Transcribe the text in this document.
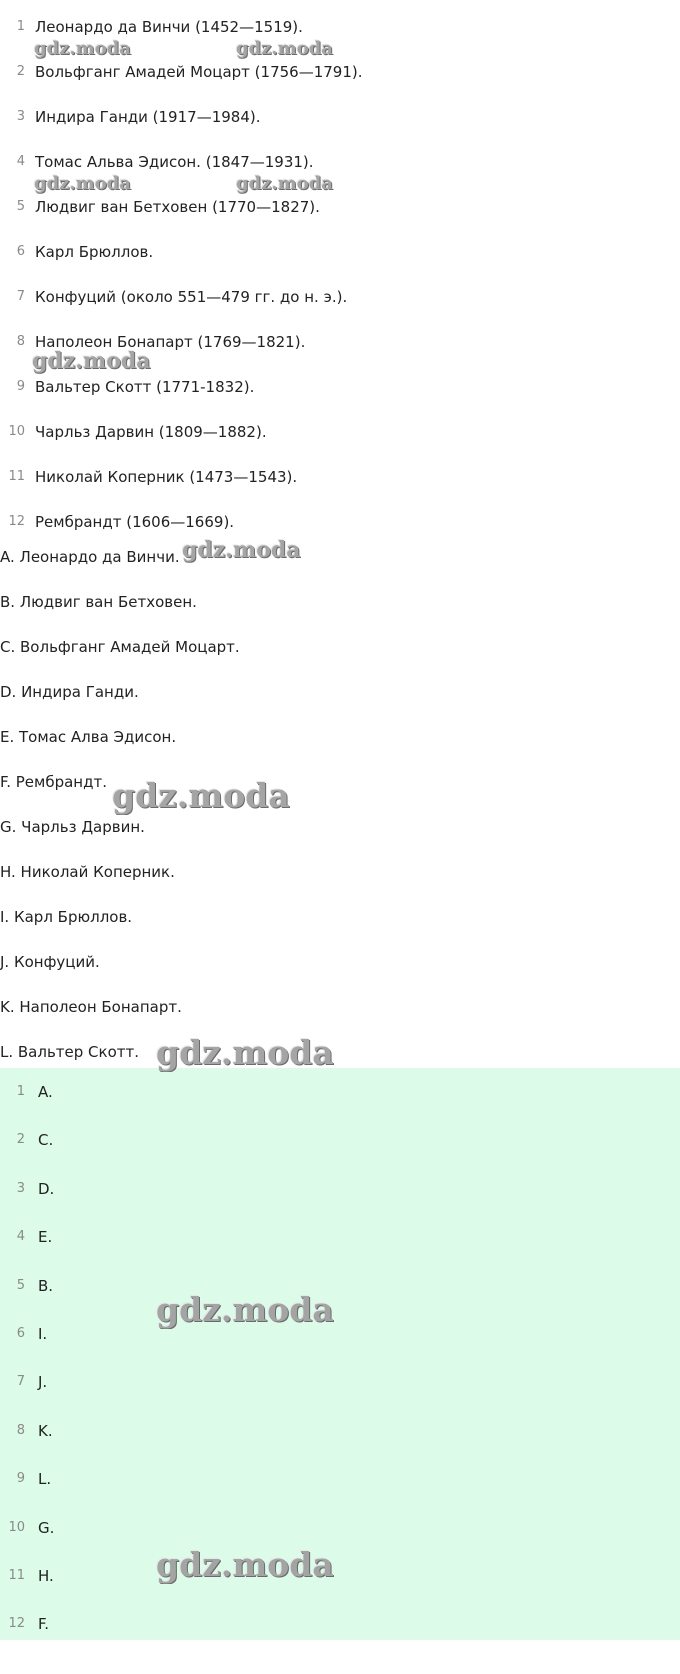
1 Леонардо да Винчи (1452—1519).
2 Вольфганг Амадей Моцарт (1756—1791).
3 Индира Ганди (1917—1984).
4 Томас Альва Эдисон. (1847—1931).
5 Людвиг ван Бетховен (1770—1827).
6 Карл Брюллов.
7 Конфуций (около 551—479 гг. до н. э.).
8 Наполеон Бонапарт (1769—1821).
9 Вальтер Скотт (1771-1832).
10 Чарльз Дарвин (1809—1882).
11 Николай Коперник (1473—1543).
12 Рембрандт (1606—1669).
A. Леонардо да Винчи.
B. Людвиг ван Бетховен.
C. Вольфганг Амадей Моцарт.
D. Индира Ганди.
E. Томас Алва Эдисон.
F. Рембрандт.
G. Чарльз Дарвин.
H. Николай Коперник.
I. Карл Брюллов.
J. Конфуций.
K. Наполеон Бонапарт.
L. Вальтер Скотт.
1 A.
2 C.
3 D.
4 E.
5 B.
6 I.
7 J.
8 K.
9 L.
10 G.
11 H.
12 F.
gdz.moda	gdz.moda
gdz.moda	gdz.moda
gdz.moda
gdz.moda
gdz.moda
gdz.moda
gdz.moda
gdz.moda
